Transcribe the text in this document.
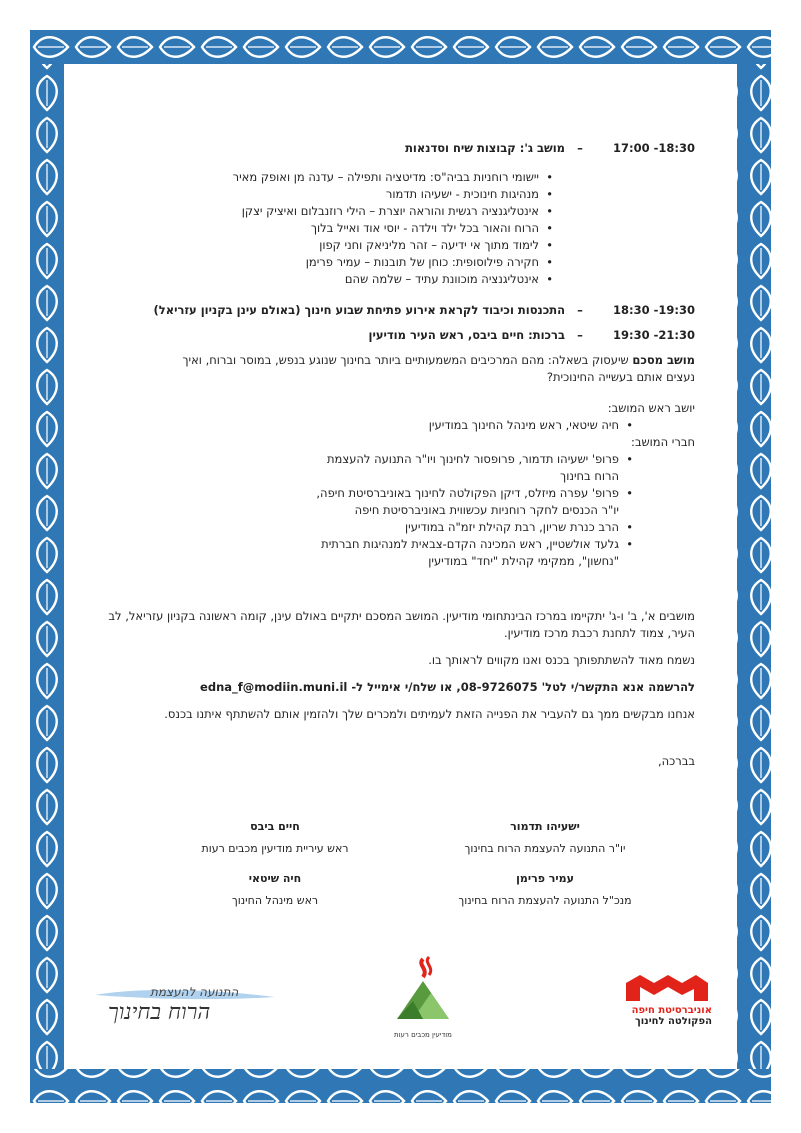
17:00 -18:30
–
מושב ג': קבוצות שיח וסדנאות
• יישומי רוחניות בביה"ס: מדיטציה ותפילה – עדנה מן ואופק מאיר
• מנהיגות חינוכית - ישעיהו תדמור
• אינטליגנציה רגשית והוראה יוצרת – הילי רוזנבלום ואיציק יצקן
• הרוח והאור בכל ילד וילדה - יוסי אוד ואייל בלוך
• לימוד מתוך אי ידיעה – זהר מליניאק וחני קפון
• חקירה פילוסופית: כוחן של תובנות – עמיר פרימן
• אינטליגנציה מוכוונת עתיד – שלמה שהם
18:30 -19:30
–
התכנסות וכיבוד לקראת אירוע פתיחת שבוע חינוך (באולם עינן בקניון עזריאל)
19:30 -21:30
–
ברכות: חיים ביבס, ראש העיר מודיעין

מושב מסכם שיעסוק בשאלה: מהם המרכיבים המשמעותיים ביותר בחינוך שנוגע בנפש, במוסר וברוח, ואיך נעצים אותם בעשייה החינוכית?

יושב ראש המושב:
• חיה שיטאי, ראש מינהל החינוך במודיעין
חברי המושב:
• פרופ' ישעיהו תדמור, פרופסור לחינוך ויו"ר התנועה להעצמת הרוח בחינוך
• פרופ' עפרה מיזלס, דיקן הפקולטה לחינוך באוניברסיטת חיפה, יו"ר הכנסים לחקר רוחניות עכשווית באוניברסיטת חיפה
• הרב כנרת שריון, רבת קהילת יזמ"ה במודיעין
• גלעד אולשטיין, ראש המכינה הקדם-צבאית למנהיגות חברתית "נחשון", ממקימי קהילת "יחד" במודיעין

מושבים א', ב' ו-ג' יתקיימו במרכז הבינתחומי מודיעין. המושב המסכם יתקיים באולם עינן, קומה ראשונה בקניון עזריאל, לב העיר, צמוד לתחנת רכבת מרכז מודיעין.

נשמח מאוד להשתתפותך בכנס ואנו מקווים לראותך בו.

להרשמה אנא התקשר/י לטל' 08-9726075, או שלח/י אימייל ל- edna_f@modiin.muni.il

אנחנו מבקשים ממך גם להעביר את הפנייה הזאת לעמיתים ולמכרים שלך ולהזמין אותם להשתתף איתנו בכנס.

בברכה,

ישעיהו תדמור
יו"ר התנועה להעצמת הרוח בחינוך
חיים ביבס
ראש עיריית מודיעין מכבים רעות
עמיר פרימן
מנכ"ל התנועה להעצמת הרוח בחינוך
חיה שיטאי
ראש מינהל החינוך
התנועה להעצמת
הרוח בחינוך
מודיעין מכבים רעות
אוניברסיטת חיפה
הפקולטה לחינוך
